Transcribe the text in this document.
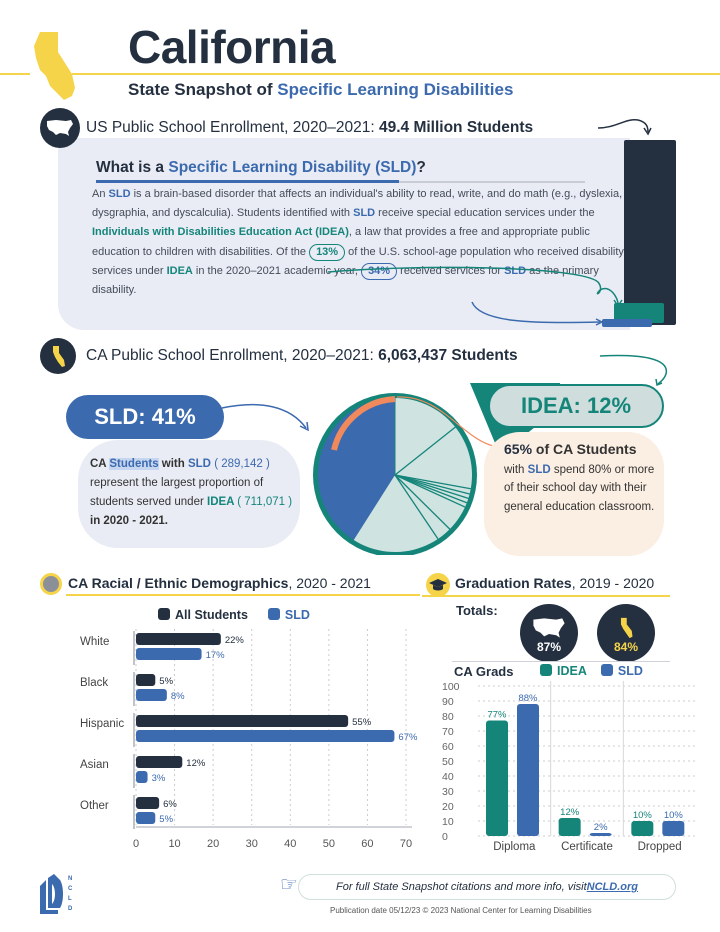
California
State Snapshot of Specific Learning Disabilities
US Public School Enrollment, 2020–2021: 49.4 Million Students
What is a Specific Learning Disability (SLD)?
An SLD is a brain-based disorder that affects an individual's ability to read, write, and do math (e.g., dyslexia, dysgraphia, and dyscalculia). Students identified with SLD receive special education services under the Individuals with Disabilities Education Act (IDEA), a law that provides a free and appropriate public education to children with disabilities. Of the 13% of the U.S. school-age population who received disability services under IDEA in the 2020–2021 academic year, 34% received services for SLD as the primary disability.
CA Public School Enrollment, 2020–2021: 6,063,437 Students
SLD: 41%
CA Students with SLD ( 289,142 ) represent the largest proportion of students served under IDEA ( 711,071 ) in 2020 - 2021.
IDEA: 12%
65% of CA Students
with SLD spend 80% or more of their school day with their general education classroom.
CA Racial / Ethnic Demographics, 2020 - 2021
All Students	SLD
0	10 20 30 40 50 60 70
White	22%
17%
Black	5%
8%
Hispanic	55%
67%
Asian	12%
3%
Other	6%
5%
Graduation Rates, 2019 - 2020
Totals:
87%	84%
CA Grads	IDEA	SLD
0
10
20
30
40
50
60
70
80
90
100
77%
88%
Diploma
12%
2%
Certificate
10% 10%
Dropped
N
C
L
D
☞	For full State Snapshot citations and more info, visit NCLD.org
Publication date 05/12/23 © 2023 National Center for Learning Disabilities
